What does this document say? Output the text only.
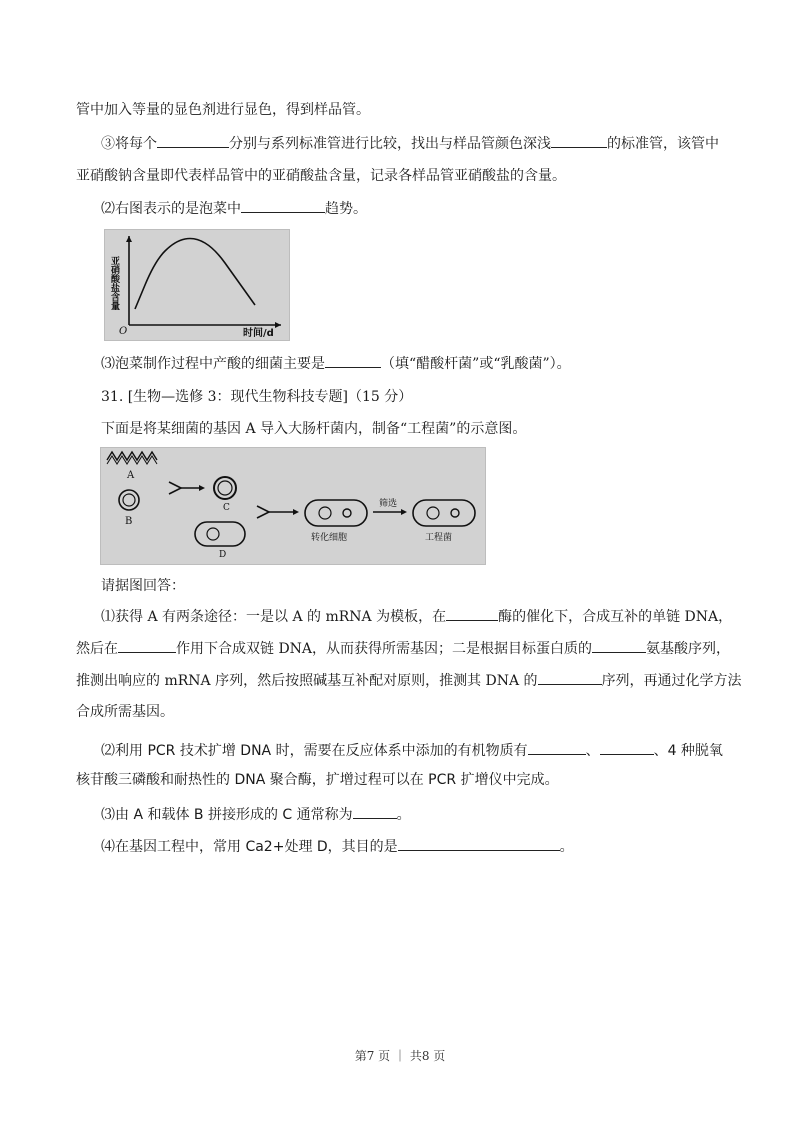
管中加入等量的显色剂进行显色，得到样品管。
③将每个	分别与系列标准管进行比较，找出与样品管颜色深浅	的标准管，该管中
亚硝酸钠含量即代表样品管中的亚硝酸盐含量，记录各样品管亚硝酸盐的含量。
⑵右图表示的是泡菜中	趋势。
亚硝酸盐含量
O	时间/d
⑶泡菜制作过程中产酸的细菌主要是	（填“醋酸杆菌”或“乳酸菌”）。
31. [生物—选修 3：现代生物科技专题]（15 分）
下面是将某细菌的基因 A 导入大肠杆菌内，制备“工程菌”的示意图。
A
B
C
D
转化细胞
筛选
工程菌
请据图回答：
⑴获得 A 有两条途径：一是以 A 的 mRNA 为模板，在	酶的催化下，合成互补的单链 DNA，
然后在	作用下合成双链 DNA，从而获得所需基因；二是根据目标蛋白质的	氨基酸序列，
推测出响应的 mRNA 序列，然后按照碱基互补配对原则，推测其 DNA 的	序列，再通过化学方法
合成所需基因。
⑵利用 PCR 技术扩增 DNA 时，需要在反应体系中添加的有机物质有	、	、4 种脱氧
核苷酸三磷酸和耐热性的 DNA 聚合酶，扩增过程可以在 PCR 扩增仪中完成。
⑶由 A 和载体 B 拼接形成的 C 通常称为	。
⑷在基因工程中，常用 Ca2+处理 D，其目的是	。
第7 页 ｜ 共8 页
